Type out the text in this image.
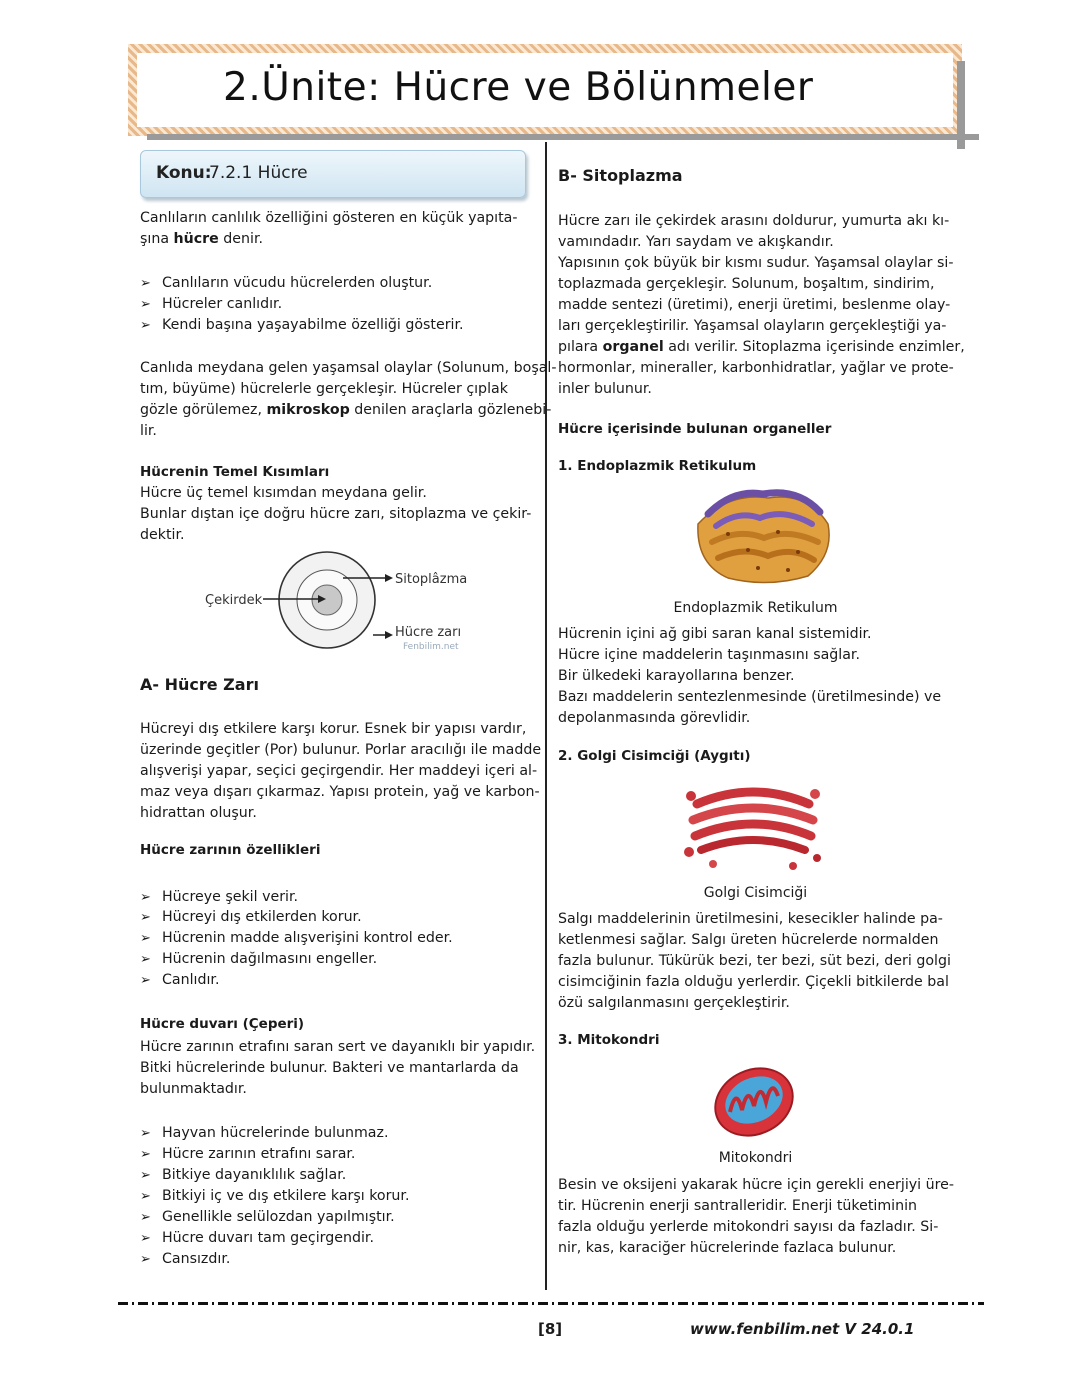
2.Ünite: Hücre ve Bölünmeler
Konu:
7.2.1 Hücre
Canlıların canlılık özelliğini gösteren en küçük yapıta-
şına hücre denir.
➢ Canlıların vücudu hücrelerden oluştur.
➢ Hücreler canlıdır.
➢ Kendi başına yaşayabilme özelliği gösterir.
Canlıda meydana gelen yaşamsal olaylar (Solunum, boşal-
tım, büyüme) hücrelerle gerçekleşir. Hücreler çıplak
gözle görülemez, mikroskop denilen araçlarla gözlenebi-
lir.
Hücrenin Temel Kısımları
Hücre üç temel kısımdan meydana gelir.
Bunlar dıştan içe doğru hücre zarı, sitoplazma ve çekir-
dektir.
Çekirdek
Sitoplâzma
Hücre zarı
Fenbilim.net
A- Hücre Zarı
Hücreyi dış etkilere karşı korur. Esnek bir yapısı vardır,
üzerinde geçitler (Por) bulunur. Porlar aracılığı ile madde
alışverişi yapar, seçici geçirgendir. Her maddeyi içeri al-
maz veya dışarı çıkarmaz. Yapısı protein, yağ ve karbon-
hidrattan oluşur.
Hücre zarının özellikleri
➢ Hücreye şekil verir.
➢ Hücreyi dış etkilerden korur.
➢ Hücrenin madde alışverişini kontrol eder.
➢ Hücrenin dağılmasını engeller.
➢ Canlıdır.
Hücre duvarı (Çeperi)
Hücre zarının etrafını saran sert ve dayanıklı bir yapıdır.
Bitki hücrelerinde bulunur. Bakteri ve mantarlarda da
bulunmaktadır.
➢ Hayvan hücrelerinde bulunmaz.
➢ Hücre zarının etrafını sarar.
➢ Bitkiye dayanıklılık sağlar.
➢ Bitkiyi iç ve dış etkilere karşı korur.
➢ Genellikle selülozdan yapılmıştır.
➢ Hücre duvarı tam geçirgendir.
➢ Cansızdır.
B- Sitoplazma
Hücre zarı ile çekirdek arasını doldurur, yumurta akı kı-
vamındadır. Yarı saydam ve akışkandır.
Yapısının çok büyük bir kısmı sudur. Yaşamsal olaylar si-
toplazmada gerçekleşir. Solunum, boşaltım, sindirim,
madde sentezi (üretimi), enerji üretimi, beslenme olay-
ları gerçekleştirilir. Yaşamsal olayların gerçekleştiği ya-
pılara organel adı verilir. Sitoplazma içerisinde enzimler,
hormonlar, mineraller, karbonhidratlar, yağlar ve prote-
inler bulunur.
Hücre içerisinde bulunan organeller
1. Endoplazmik Retikulum
Endoplazmik Retikulum
Hücrenin içini ağ gibi saran kanal sistemidir.
Hücre içine maddelerin taşınmasını sağlar.
Bir ülkedeki karayollarına benzer.
Bazı maddelerin sentezlenmesinde (üretilmesinde) ve
depolanmasında görevlidir.
2. Golgi Cisimciği (Aygıtı)
Golgi Cisimciği
Salgı maddelerinin üretilmesini, kesecikler halinde pa-
ketlenmesi sağlar. Salgı üreten hücrelerde normalden
fazla bulunur. Tükürük bezi, ter bezi, süt bezi, deri golgi
cisimciğinin fazla olduğu yerlerdir. Çiçekli bitkilerde bal
özü salgılanmasını gerçekleştirir.
3. Mitokondri
Mitokondri
Besin ve oksijeni yakarak hücre için gerekli enerjiyi üre-
tir. Hücrenin enerji santralleridir. Enerji tüketiminin
fazla olduğu yerlerde mitokondri sayısı da fazladır. Si-
nir, kas, karaciğer hücrelerinde fazlaca bulunur.
[8]	www.fenbilim.net V 24.0.1
